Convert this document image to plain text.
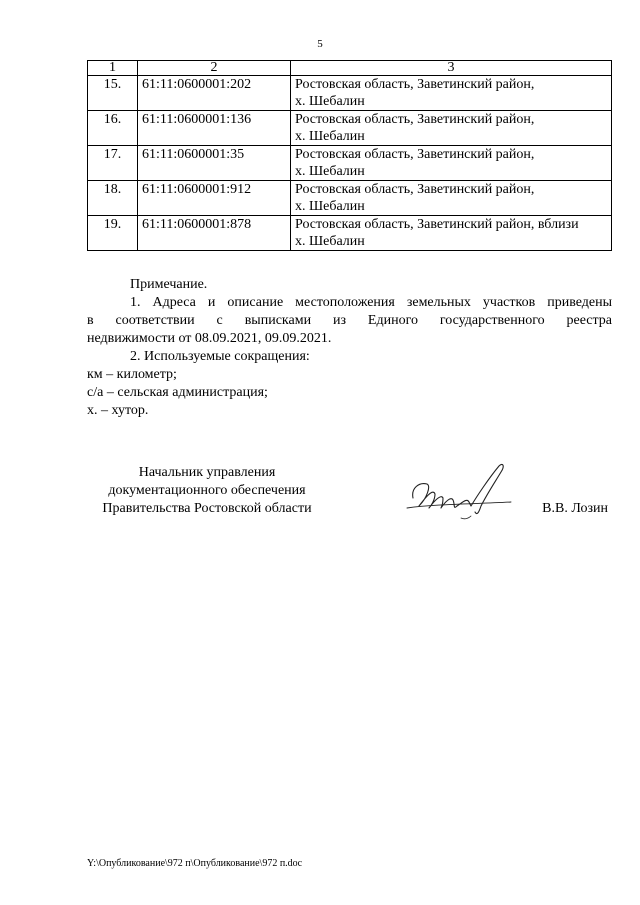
5
1	2	3
15.	61:11:0600001:202	Ростовская область, Заветинский район,
х. Шебалин

16.	61:11:0600001:136	Ростовская область, Заветинский район,
х. Шебалин

17.	61:11:0600001:35	Ростовская область, Заветинский район,
х. Шебалин

18.	61:11:0600001:912	Ростовская область, Заветинский район,
х. Шебалин

19.	61:11:0600001:878	Ростовская область, Заветинский район, вблизи
х. Шебалин

Примечание.

1. Адреса и описание местоположения земельных участков приведены

в соответствии с выписками из Единого государственного реестра

недвижимости от 08.09.2021, 09.09.2021.

2. Используемые сокращения:

км – километр;

с/а – сельская администрация;

х. – хутор.

Начальник управления
документационного обеспечения
Правительства Ростовской области	В.В. Лозин
Y:\Опубликование\972 п\Опубликование\972 п.doc
